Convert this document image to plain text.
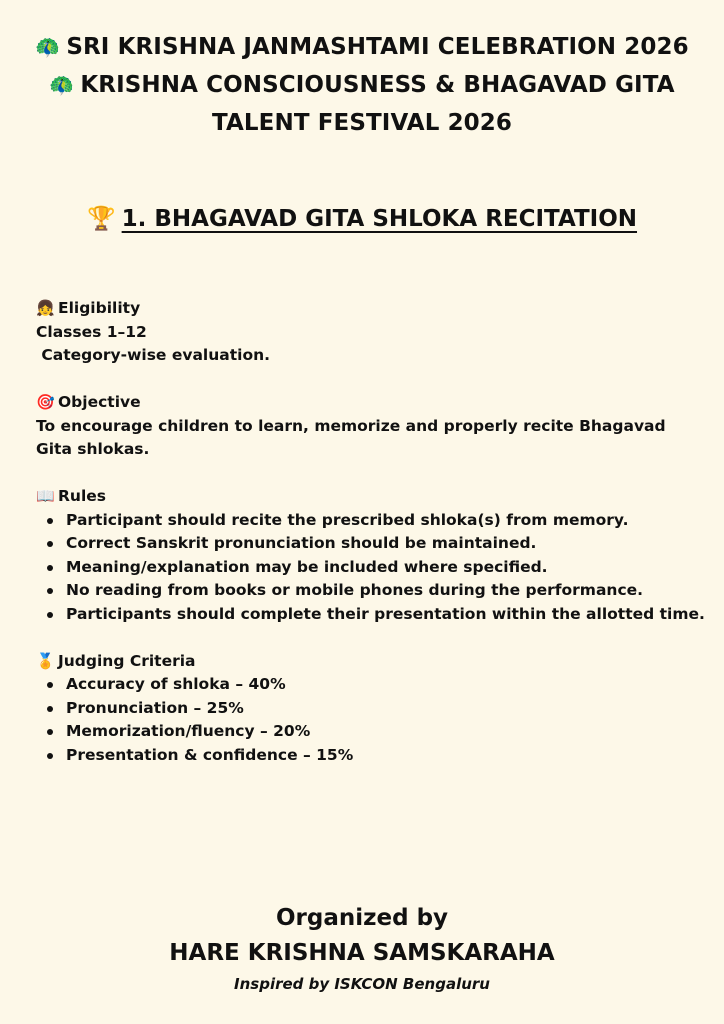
🦚 SRI KRISHNA JANMASHTAMI CELEBRATION 2026
🦚 KRISHNA CONSCIOUSNESS & BHAGAVAD GITA
TALENT FESTIVAL 2026
🏆 1. BHAGAVAD GITA SHLOKA RECITATION
👧 Eligibility
Classes 1–12
Category-wise evaluation.
🎯 Objective
To encourage children to learn, memorize and properly recite Bhagavad Gita shlokas.
📖 Rules
Participant should recite the prescribed shloka(s) from memory.
Correct Sanskrit pronunciation should be maintained.
Meaning/explanation may be included where specified.
No reading from books or mobile phones during the performance.
Participants should complete their presentation within the allotted time.
🏅 Judging Criteria
Accuracy of shloka – 40%
Pronunciation – 25%
Memorization/fluency – 20%
Presentation & confidence – 15%
Organized by
HARE KRISHNA SAMSKARAHA
Inspired by ISKCON Bengaluru
